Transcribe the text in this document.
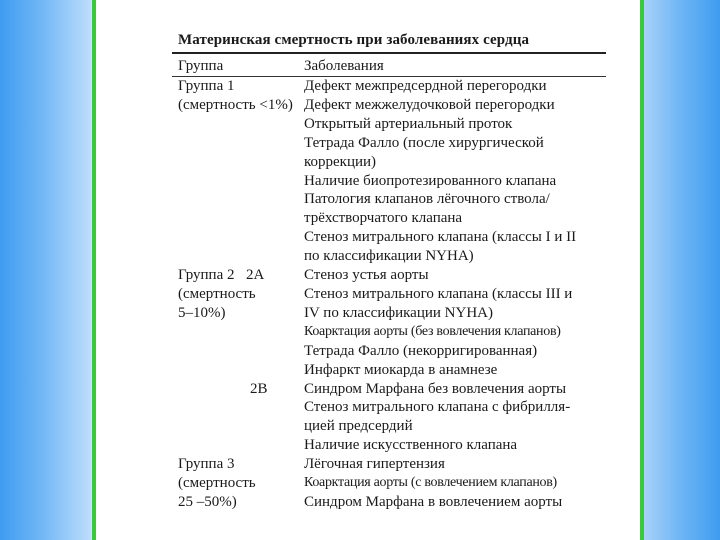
Материнская смертность при заболеваниях сердца
Группа	Заболевания
Группа 1
(смертность <1%)
Дефект межпредсердной перегородки
Дефект межжелудочковой перегородки
Открытый артериальный проток
Тетрада Фалло (после хирургической
коррекции)
Наличие биопротезированного клапана
Патология клапанов лёгочного ствола/
трёхстворчатого клапана
Стеноз митрального клапана (классы I и II
по классификации NYHA)
Группа 2
(смертность
5–10%)
2А	Стеноз устья аорты
Стеноз митрального клапана (классы III и
IV по классификации NYHA)
Коарктация аорты (без вовлечения клапанов)
Тетрада Фалло (некорригированная)
Инфаркт миокарда в анамнезе
2В Синдром Марфана без вовлечения аорты
Стеноз митрального клапана с фибрилля-
цией предсердий
Наличие искусственного клапана
Группа 3
(смертность
25 –50%)
Лёгочная гипертензия
Коарктация аорты (с вовлечением клапанов)
Синдром Марфана в вовлечением аорты
